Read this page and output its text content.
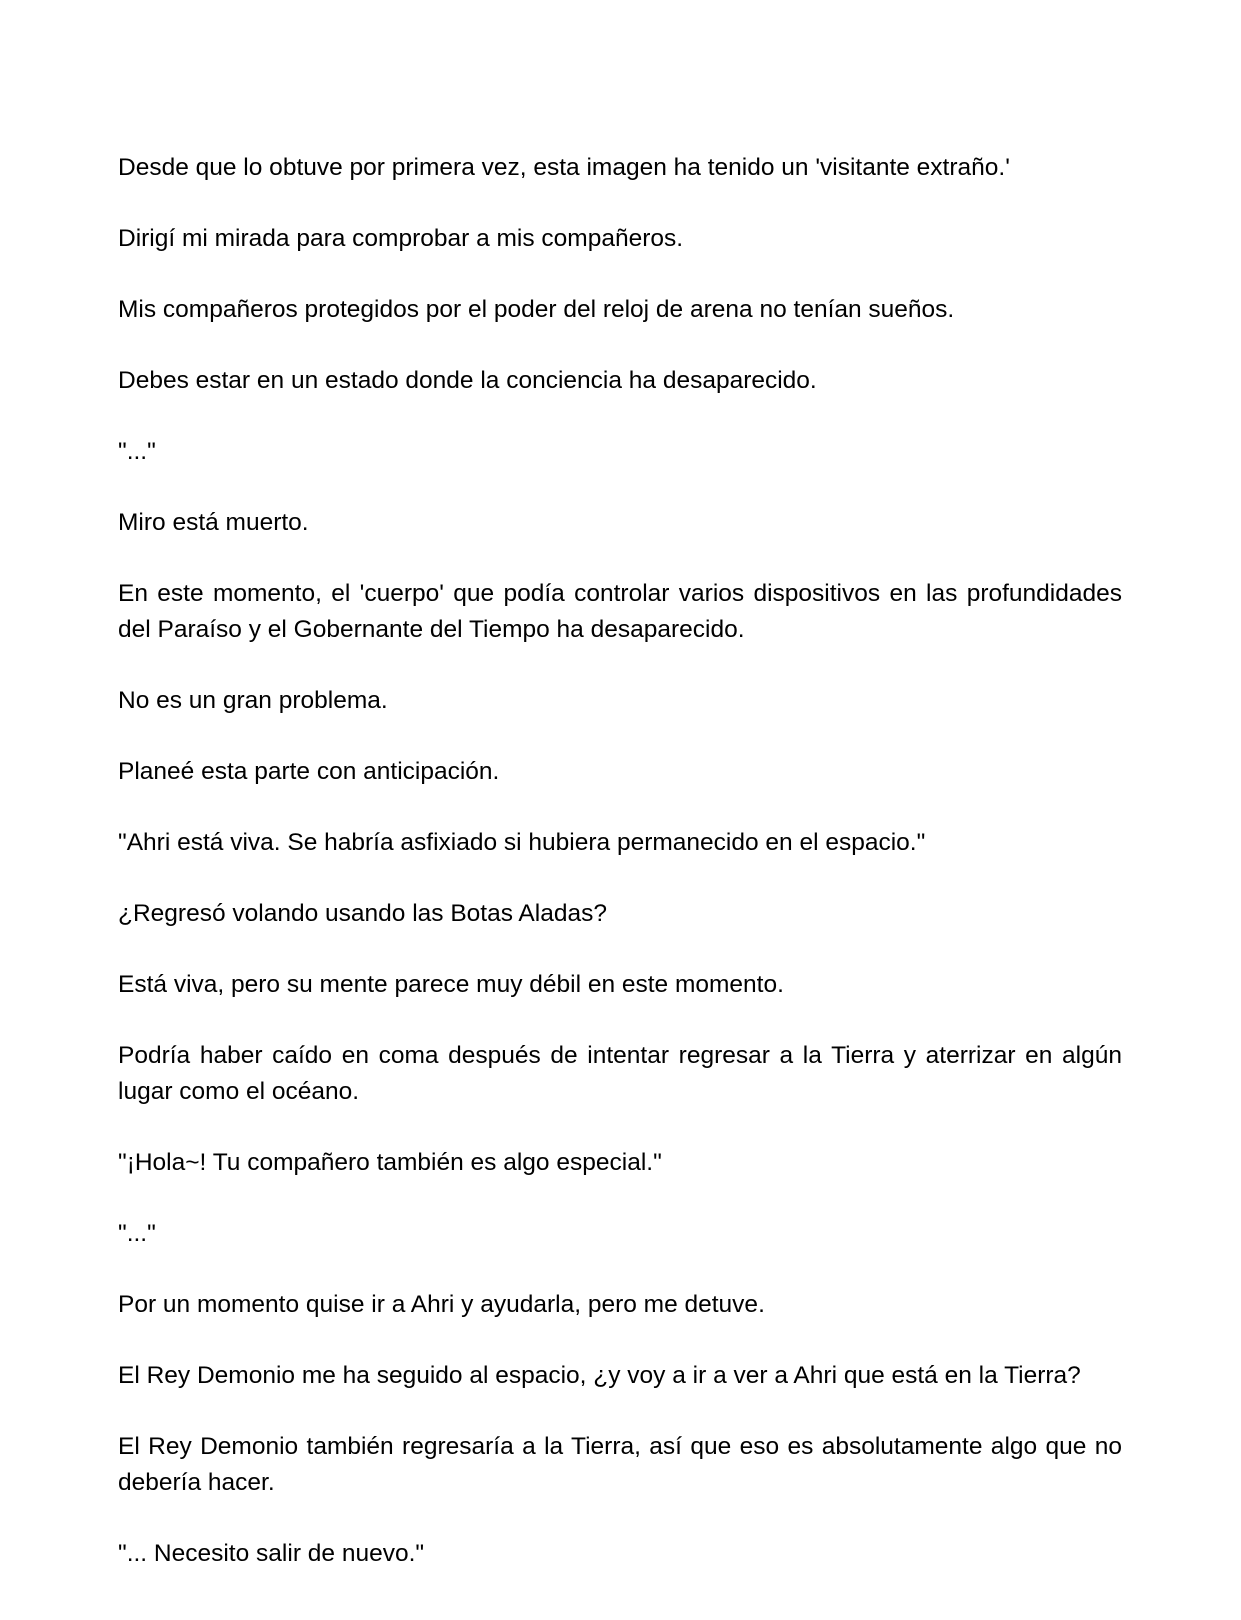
Desde que lo obtuve por primera vez, esta imagen ha tenido un 'visitante extraño.'

Dirigí mi mirada para comprobar a mis compañeros.

Mis compañeros protegidos por el poder del reloj de arena no tenían sueños.

Debes estar en un estado donde la conciencia ha desaparecido.

"..."

Miro está muerto.

En este momento, el 'cuerpo' que podía controlar varios dispositivos en las profundidades del Paraíso y el Gobernante del Tiempo ha desaparecido.

No es un gran problema.

Planeé esta parte con anticipación.

"Ahri está viva. Se habría asfixiado si hubiera permanecido en el espacio."

¿Regresó volando usando las Botas Aladas?

Está viva, pero su mente parece muy débil en este momento.

Podría haber caído en coma después de intentar regresar a la Tierra y aterrizar en algún lugar como el océano.

"¡Hola~! Tu compañero también es algo especial."

"..."

Por un momento quise ir a Ahri y ayudarla, pero me detuve.

El Rey Demonio me ha seguido al espacio, ¿y voy a ir a ver a Ahri que está en la Tierra?

El Rey Demonio también regresaría a la Tierra, así que eso es absolutamente algo que no debería hacer.

"... Necesito salir de nuevo."
